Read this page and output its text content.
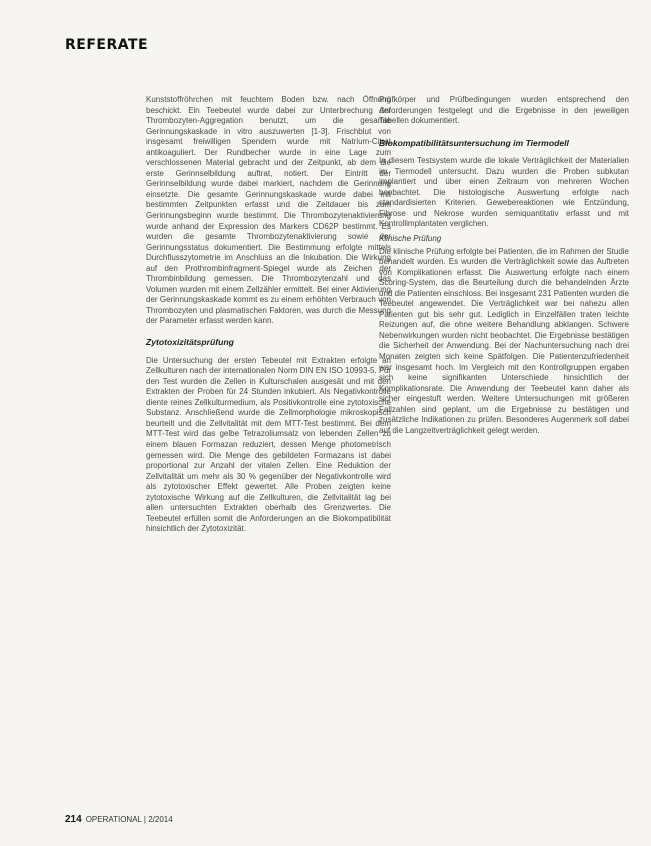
REFERATE

Kunststoffröhrchen mit feuchtem Boden bzw. nach Öffnung beschickt. Ein Teebeutel wurde dabei zur Unterbrechung der Thrombozyten-Aggregation benutzt, um die gesamte Gerinnungskaskade in vitro auszuwerten [1-3]. Frischblut von insgesamt freiwilligen Spendern wurde mit Natrium-Citrat antikoaguliert. Der Rundbecher wurde in eine Lage zum verschlossenen Material gebracht und der Zeitpunkt, ab dem die erste Gerinnselbildung auftrat, notiert. Der Eintritt der Gerinnselbildung wurde dabei markiert, nachdem die Gerinnung einsetzte. Die gesamte Gerinnungskaskade wurde dabei mit bestimmten Zeitpunkten erfasst und die Zeitdauer bis zum Gerinnungsbeginn wurde bestimmt. Die Thrombozytenaktivierung wurde anhand der Expression des Markers CD62P bestimmt. Es wurden die gesamte Thrombozytenaktivierung sowie der Gerinnungsstatus dokumentiert. Die Bestimmung erfolgte mittels Durchflusszytometrie im Anschluss an die Inkubation. Die Wirkung auf den Prothrombinfragment-Spiegel wurde als Zeichen der Thrombinbildung gemessen. Die Thrombozytenzahl und das Volumen wurden mit einem Zellzähler ermittelt. Bei einer Aktivierung der Gerinnungskaskade kommt es zu einem erhöhten Verbrauch von Thrombozyten und plasmatischen Faktoren, was durch die Messung der Parameter erfasst werden kann.

Zytotoxizitätsprüfung

Die Untersuchung der ersten Tebeutel mit Extrakten erfolgte an Zellkulturen nach der internationalen Norm DIN EN ISO 10993-5. Für den Test wurden die Zellen in Kulturschalen ausgesät und mit den Extrakten der Proben für 24 Stunden inkubiert. Als Negativkontrolle diente reines Zellkulturmedium, als Positivkontrolle eine zytotoxische Substanz. Anschließend wurde die Zellmorphologie mikroskopisch beurteilt und die Zellvitalität mit dem MTT-Test bestimmt. Bei dem MTT-Test wird das gelbe Tetrazoliumsalz von lebenden Zellen zu einem blauen Formazan reduziert, dessen Menge photometrisch gemessen wird. Die Menge des gebildeten Formazans ist dabei proportional zur Anzahl der vitalen Zellen. Eine Reduktion der Zellvitalität um mehr als 30 % gegenüber der Negativkontrolle wird als zytotoxischer Effekt gewertet. Alle Proben zeigten keine zytotoxische Wirkung auf die Zellkulturen, die Zellvitalität lag bei allen untersuchten Extrakten oberhalb des Grenzwertes. Die Teebeutel erfüllen somit die Anforderungen an die Biokompatibilität hinsichtlich der Zytotoxizität.

Prüfkörper und Prüfbedingungen wurden entsprechend den Anforderungen festgelegt und die Ergebnisse in den jeweiligen Tabellen dokumentiert.

Biokompatibilitätsuntersuchung im Tiermodell

In diesem Testsystem wurde die lokale Verträglichkeit der Materialien im Tiermodell untersucht. Dazu wurden die Proben subkutan implantiert und über einen Zeitraum von mehreren Wochen beobachtet. Die histologische Auswertung erfolgte nach standardisierten Kriterien. Gewebereaktionen wie Entzündung, Fibrose und Nekrose wurden semiquantitativ erfasst und mit Kontrollimplantaten verglichen.

Klinische Prüfung

Die klinische Prüfung erfolgte bei Patienten, die im Rahmen der Studie behandelt wurden. Es wurden die Verträglichkeit sowie das Auftreten von Komplikationen erfasst. Die Auswertung erfolgte nach einem Scoring-System, das die Beurteilung durch die behandelnden Ärzte und die Patienten einschloss. Bei insgesamt 231 Patienten wurden die Teebeutel angewendet. Die Verträglichkeit war bei nahezu allen Patienten gut bis sehr gut. Lediglich in Einzelfällen traten leichte Reizungen auf, die ohne weitere Behandlung abklangen. Schwere Nebenwirkungen wurden nicht beobachtet. Die Ergebnisse bestätigen die Sicherheit der Anwendung. Bei der Nachuntersuchung nach drei Monaten zeigten sich keine Spätfolgen. Die Patientenzufriedenheit war insgesamt hoch. Im Vergleich mit den Kontrollgruppen ergaben sich keine signifikanten Unterschiede hinsichtlich der Komplikationsrate. Die Anwendung der Teebeutel kann daher als sicher eingestuft werden. Weitere Untersuchungen mit größeren Fallzahlen sind geplant, um die Ergebnisse zu bestätigen und zusätzliche Indikationen zu prüfen. Besonderes Augenmerk soll dabei auf die Langzeitverträglichkeit gelegt werden.

214 OPERATIONAL | 2/2014
